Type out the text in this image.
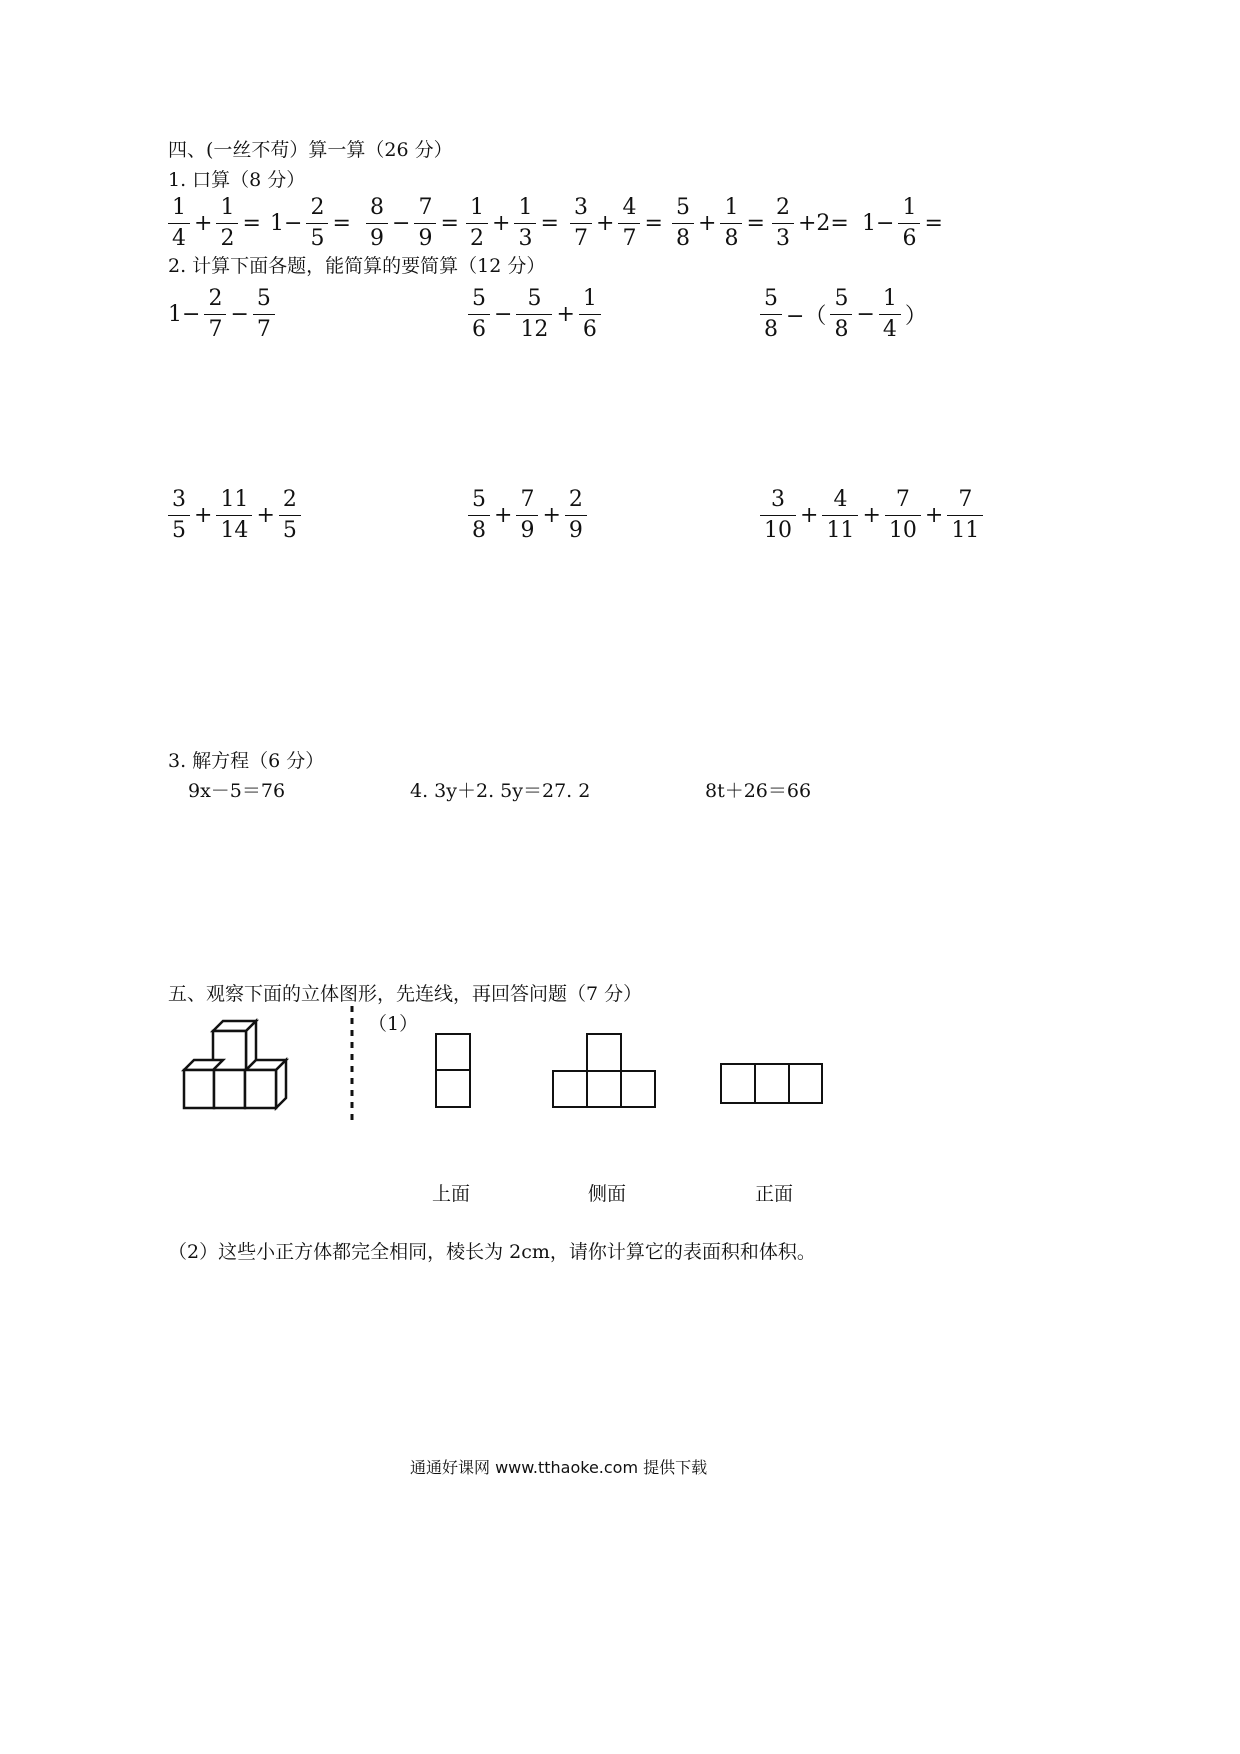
四、(一丝不苟）算一算（26 分）
1. 口算（8 分）
2. 计算下面各题，能简算的要简算（12 分）
3. 解方程（6 分）
9x－5＝76	4. 3y＋2. 5y＝27. 2	8t＋26＝66
五、观察下面的立体图形，先连线，再回答问题（7 分）
（1）
上面	侧面	正面
（2）这些小正方体都完全相同，棱长为 2cm，请你计算它的表面积和体积。
通通好课网 www.tthaoke.com 提供下载
$\frac{1}{4} + \frac{1}{2} = 1- \frac{2}{5} = \frac{8}{9} - \frac{7}{9} = \frac{1}{2} + \frac{1}{3} = \frac{3}{7} + \frac{4}{7} = \frac{5}{8} + \frac{1}{8} = \frac{2}{3} +2= 1- \frac{1}{6}$ =
$1- \frac{2}{7} - \frac{5}{7}$	$\frac{5}{6} - \frac{5}{12} + \frac{1}{6}$	$\frac{5}{8}$ −（ $\frac{5}{8} - \frac{1}{4}$ ）
$\frac{3}{5} + \frac{11}{14} + \frac{2}{5}$	$\frac{5}{8} + \frac{7}{9} + \frac{2}{9}$	$\frac{3}{10} + \frac{4}{11} + \frac{7}{10} + \frac{7}{11}$
